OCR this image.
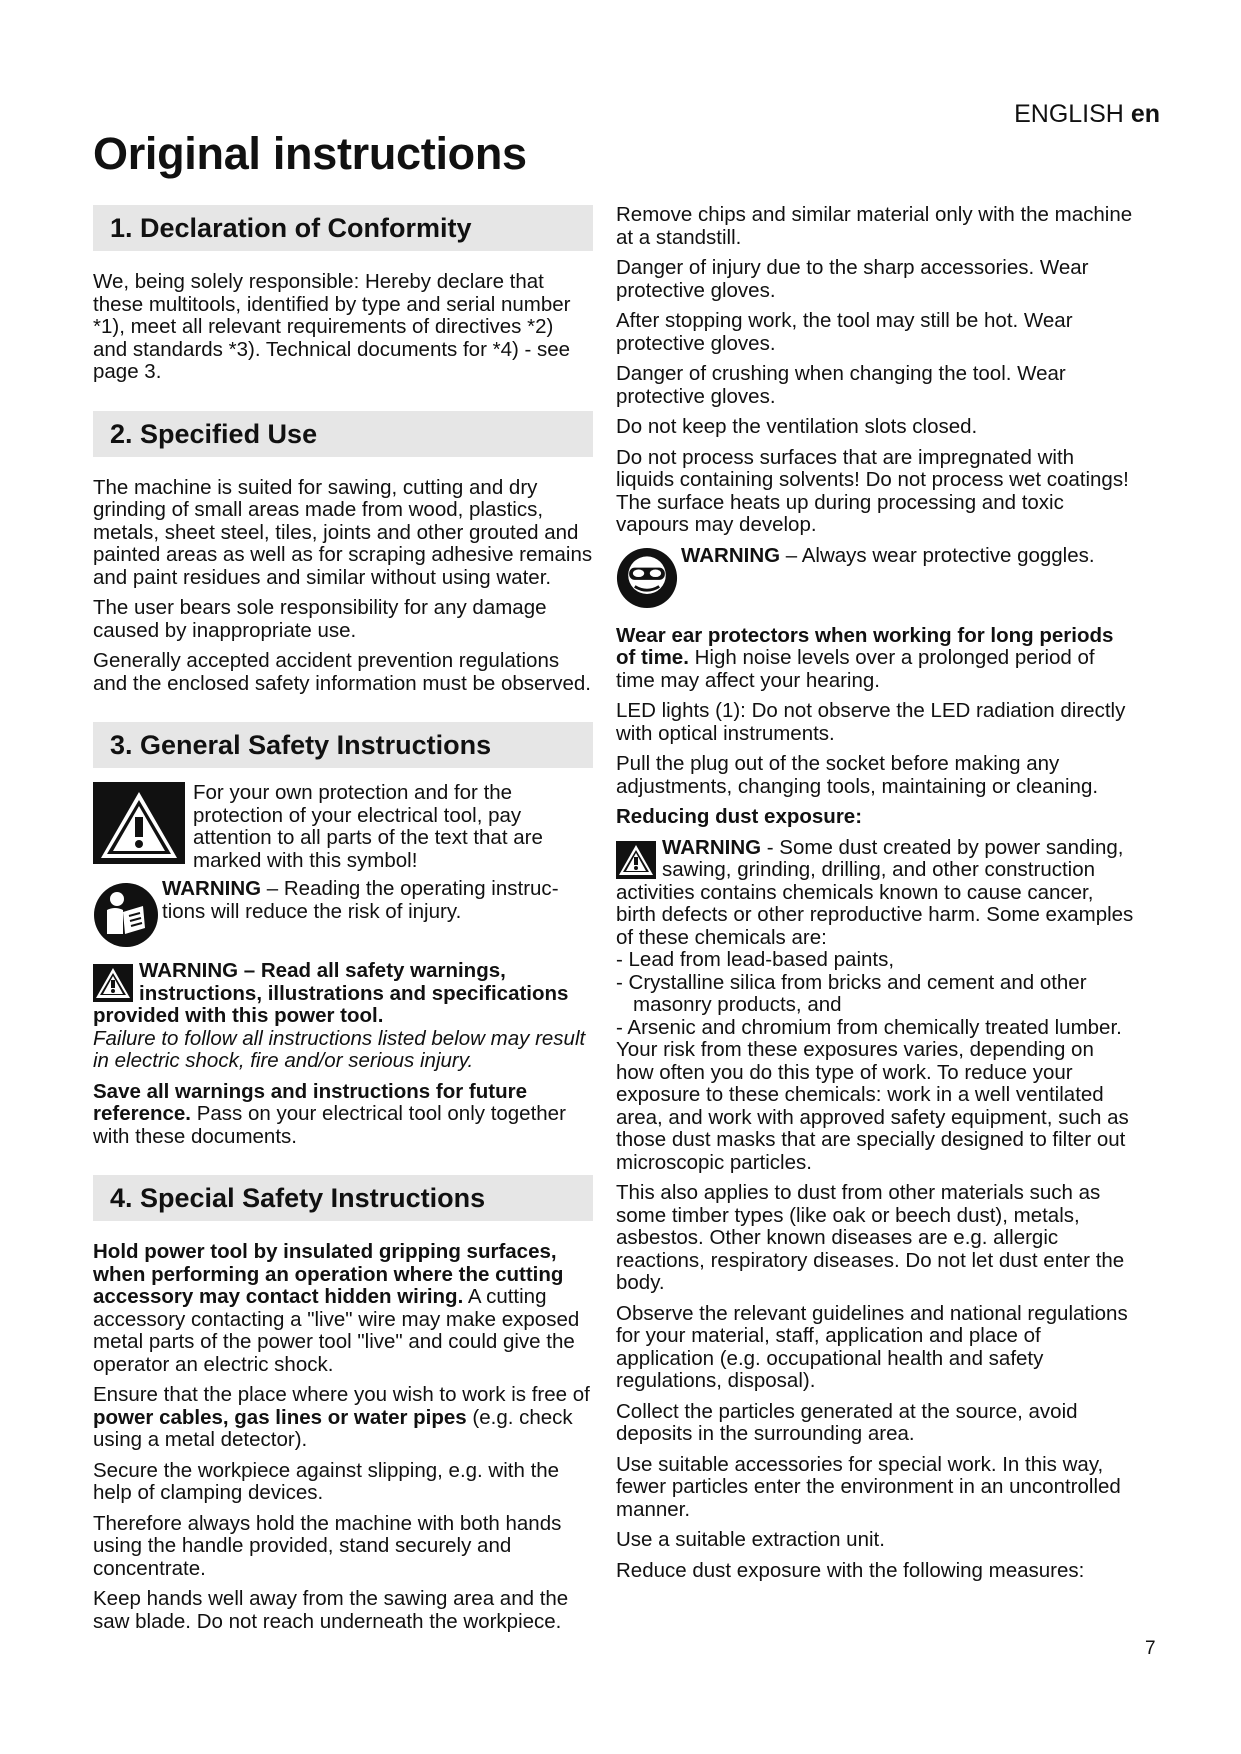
ENGLISH en
Original instructions
1. Declaration of Conformity

We, being solely responsible: Hereby declare that these multitools, identified by type and serial number *1), meet all relevant requirements of directives *2) and standards *3). Technical documents for *4) - see page 3.

2. Specified Use

The machine is suited for sawing, cutting and dry grinding of small areas made from wood, plastics, metals, sheet steel, tiles, joints and other grouted and painted areas as well as for scraping adhesive remains and paint residues and similar without using water.

The user bears sole responsibility for any damage caused by inappropriate use.

Generally accepted accident prevention regulations and the enclosed safety information must be observed.

3. General Safety Instructions
For your own protection and for the protection of your electrical tool, pay attention to all parts of the text that are marked with this symbol!
WARNING – Reading the operating instructions will reduce the risk of injury.

WARNING – Read all safety warnings, instructions, illustrations and specifications provided with this power tool.
Failure to follow all instructions listed below may result in electric shock, fire and/or serious injury.

Save all warnings and instructions for future reference. Pass on your electrical tool only together with these documents.

4. Special Safety Instructions

Hold power tool by insulated gripping surfaces, when performing an operation where the cutting accessory may contact hidden wiring. A cutting accessory contacting a "live" wire may make exposed metal parts of the power tool "live" and could give the operator an electric shock.

Ensure that the place where you wish to work is free of power cables, gas lines or water pipes (e.g. check using a metal detector).

Secure the workpiece against slipping, e.g. with the help of clamping devices.

Therefore always hold the machine with both hands using the handle provided, stand securely and concentrate.

Keep hands well away from the sawing area and the saw blade. Do not reach underneath the workpiece.

Remove chips and similar material only with the machine at a standstill.

Danger of injury due to the sharp accessories. Wear protective gloves.

After stopping work, the tool may still be hot. Wear protective gloves.

Danger of crushing when changing the tool. Wear protective gloves.

Do not keep the ventilation slots closed.

Do not process surfaces that are impregnated with liquids containing solvents! Do not process wet coatings! The surface heats up during processing and toxic vapours may develop.

WARNING – Always wear protective goggles.

Wear ear protectors when working for long periods of time. High noise levels over a prolonged period of time may affect your hearing.

LED lights (1): Do not observe the LED radiation directly with optical instruments.

Pull the plug out of the socket before making any adjustments, changing tools, maintaining or cleaning.

Reducing dust exposure:

WARNING - Some dust created by power sanding, sawing, grinding, drilling, and other construction activities contains chemicals known to cause cancer, birth defects or other reproductive harm. Some examples of these chemicals are:

- Lead from lead-based paints,
- Crystalline silica from bricks and cement and other masonry products, and
- Arsenic and chromium from chemically treated lumber.

Your risk from these exposures varies, depending on how often you do this type of work. To reduce your exposure to these chemicals: work in a well ventilated area, and work with approved safety equipment, such as those dust masks that are specially designed to filter out microscopic particles.

This also applies to dust from other materials such as some timber types (like oak or beech dust), metals, asbestos. Other known diseases are e.g. allergic reactions, respiratory diseases. Do not let dust enter the body.

Observe the relevant guidelines and national regulations for your material, staff, application and place of application (e.g. occupational health and safety regulations, disposal).

Collect the particles generated at the source, avoid deposits in the surrounding area.

Use suitable accessories for special work. In this way, fewer particles enter the environment in an uncontrolled manner.

Use a suitable extraction unit.

Reduce dust exposure with the following measures:

7
